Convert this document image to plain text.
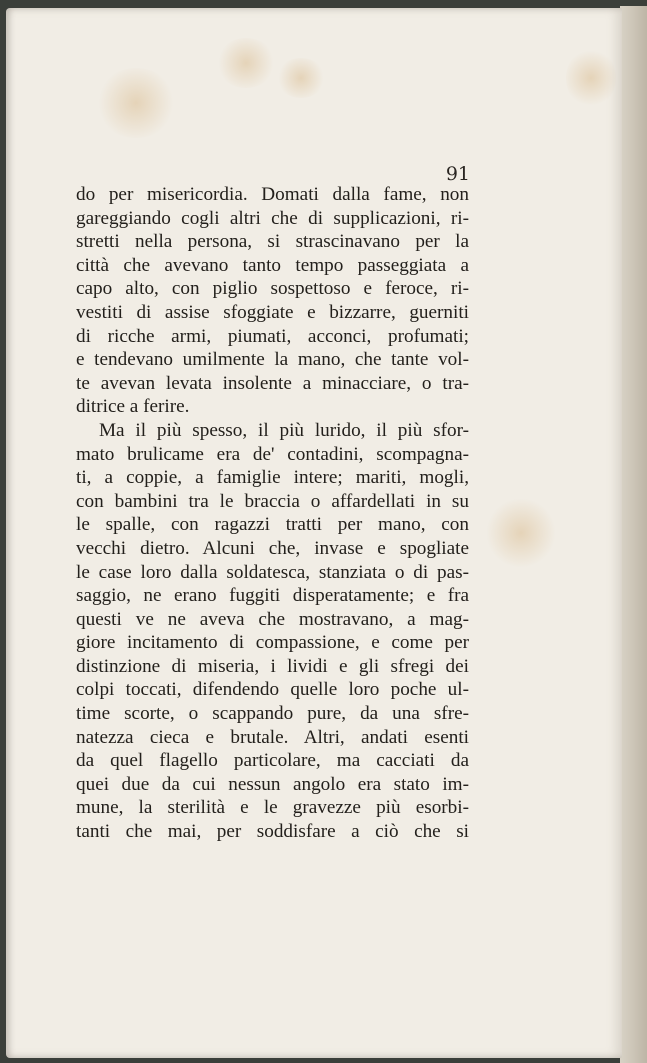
91
do per misericordia. Domati dalla fame, non
gareggiando cogli altri che di supplicazioni, ri-
stretti nella persona, si strascinavano per la
città che avevano tanto tempo passeggiata a
capo alto, con piglio sospettoso e feroce, ri-
vestiti di assise sfoggiate e bizzarre, guerniti
di ricche armi, piumati, acconci, profumati;
e tendevano umilmente la mano, che tante vol-
te avevan levata insolente a minacciare, o tra-
ditrice a ferire.
Ma il più spesso, il più lurido, il più sfor-
mato brulicame era de' contadini, scompagna-
ti, a coppie, a famiglie intere; mariti, mogli,
con bambini tra le braccia o affardellati in su
le spalle, con ragazzi tratti per mano, con
vecchi dietro. Alcuni che, invase e spogliate
le case loro dalla soldatesca, stanziata o di pas-
saggio, ne erano fuggiti disperatamente; e fra
questi ve ne aveva che mostravano, a mag-
giore incitamento di compassione, e come per
distinzione di miseria, i lividi e gli sfregi dei
colpi toccati, difendendo quelle loro poche ul-
time scorte, o scappando pure, da una sfre-
natezza cieca e brutale. Altri, andati esenti
da quel flagello particolare, ma cacciati da
quei due da cui nessun angolo era stato im-
mune, la sterilità e le gravezze più esorbi-
tanti che mai, per soddisfare a ciò che si
